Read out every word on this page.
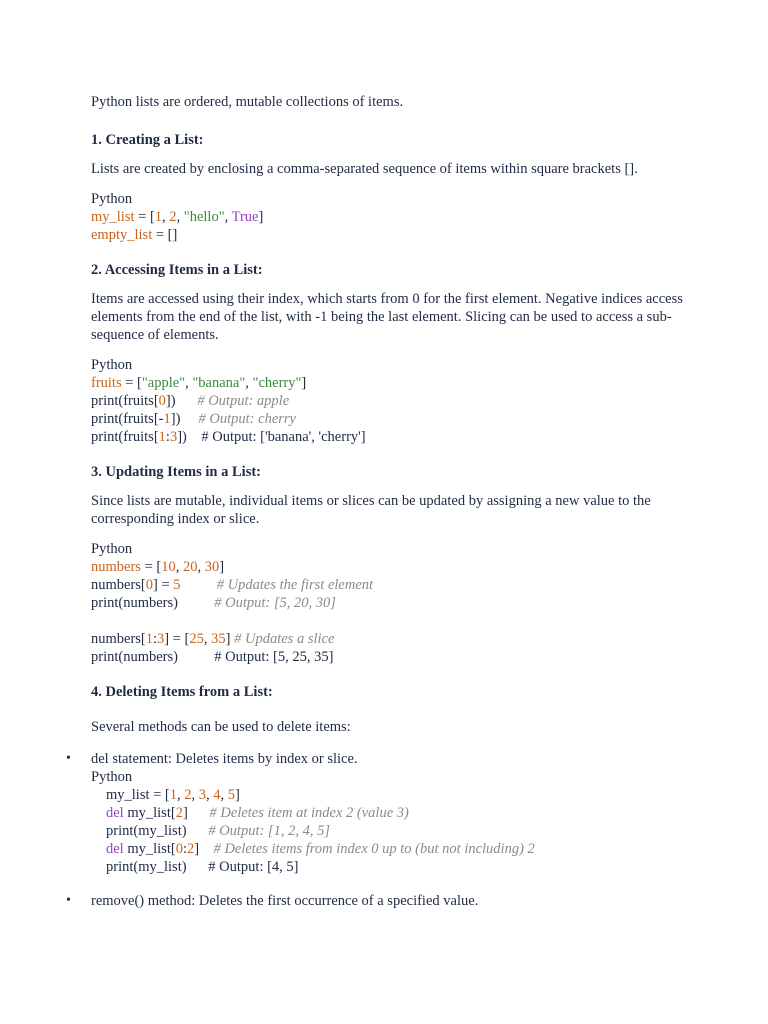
Python lists are ordered, mutable collections of items.

1. Creating a List:

Lists are created by enclosing a comma-separated sequence of items within square brackets [].

Python
my_list = [1, 2, "hello", True]
empty_list = []
2. Accessing Items in a List:

Items are accessed using their index, which starts from 0 for the first element. Negative indices access elements from the end of the list, with -1 being the last element. Slicing can be used to access a sub-sequence of elements.

Python
fruits = ["apple", "banana", "cherry"]
print(fruits[0])      # Output: apple
print(fruits[-1])     # Output: cherry
print(fruits[1:3])    # Output: ['banana', 'cherry']
3. Updating Items in a List:

Since lists are mutable, individual items or slices can be updated by assigning a new value to the corresponding index or slice.

Python
numbers = [10, 20, 30]
numbers[0] = 5	# Updates the first element
print(numbers)          # Output: [5, 20, 30]

numbers[1:3] = [25, 35] # Updates a slice
print(numbers)          # Output: [5, 25, 35]
4. Deleting Items from a List:

Several methods can be used to delete items:

• del statement: Deletes items by index or slice.
Python
my_list = [1, 2, 3, 4, 5]
del my_list[2]      # Deletes item at index 2 (value 3)
print(my_list)      # Output: [1, 2, 4, 5]
del my_list[0:2]    # Deletes items from index 0 up to (but not including) 2
print(my_list)      # Output: [4, 5]
• remove() method: Deletes the first occurrence of a specified value.
